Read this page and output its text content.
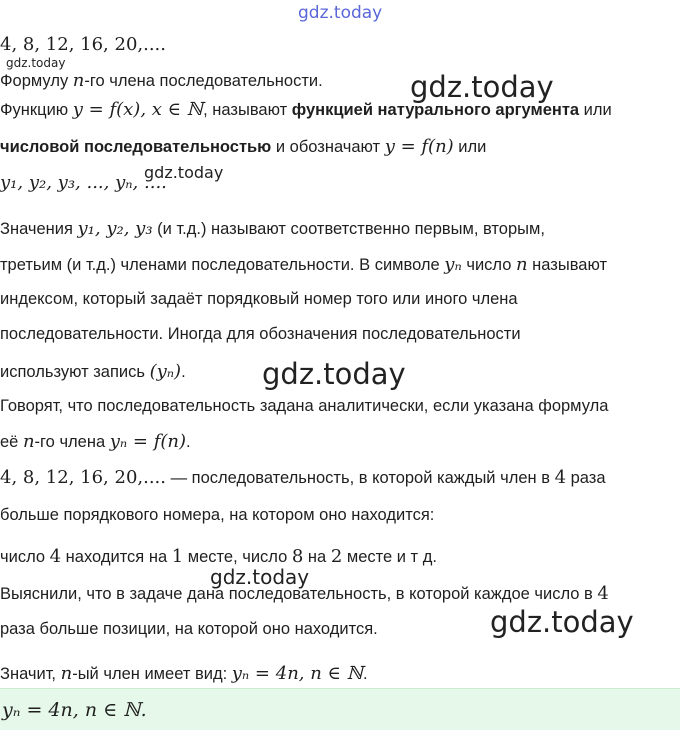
gdz.today
gdz.today
gdz.today
gdz.today
gdz.today
gdz.today
gdz.today
4, 8, 12, 16, 20,....
Формулу n-го члена последовательности.
Функцию y = f(x), x ∈ ℕ, называют функцией натурального аргумента или
числовой последовательностью и обозначают y = f(n) или
y₁, y₂, y₃, ..., yₙ, ....
Значения y₁, y₂, y₃ (и т.д.) называют соответственно первым, вторым,
третьим (и т.д.) членами последовательности. В символе yₙ число n называют
индексом, который задаёт порядковый номер того или иного члена
последовательности. Иногда для обозначения последовательности
используют запись (yₙ).
Говорят, что последовательность задана аналитически, если указана формула
её n-го члена yₙ = f(n).
4, 8, 12, 16, 20,.... — последовательность, в которой каждый член в 4 раза
больше порядкового номера, на котором оно находится:
число 4 находится на 1 месте, число 8 на 2 месте и т д.
Выяснили, что в задаче дана последовательность, в которой каждое число в 4
раза больше позиции, на которой оно находится.
Значит, n-ый член имеет вид: yₙ = 4n, n ∈ ℕ.
yₙ = 4n, n ∈ ℕ.
